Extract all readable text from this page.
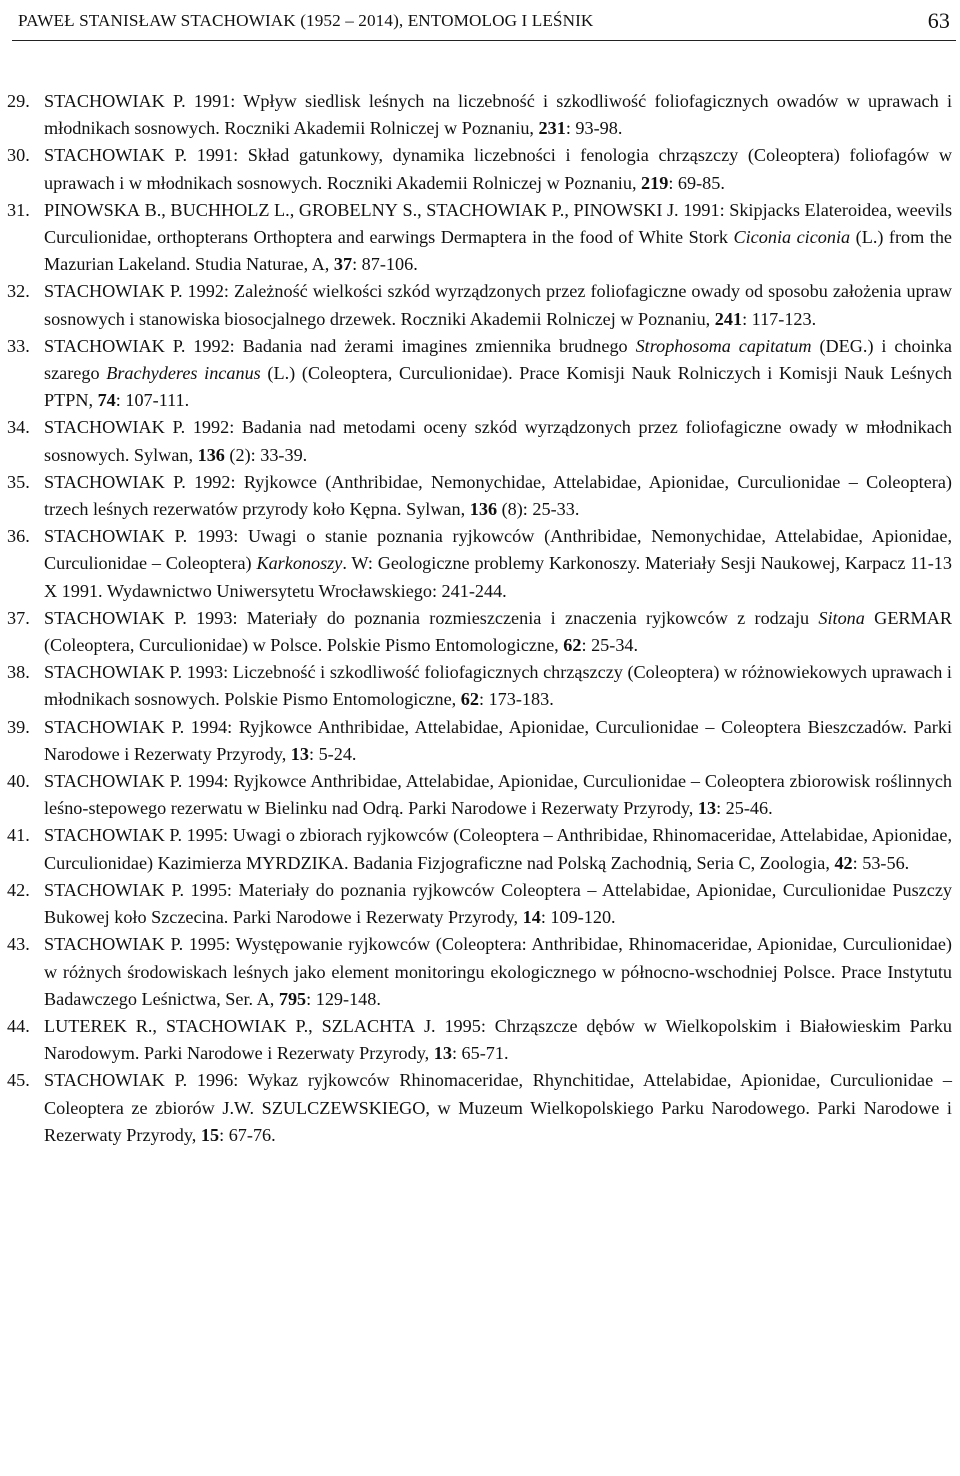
PAWEŁ STANISŁAW STACHOWIAK (1952 – 2014), ENTOMOLOG I LEŚNIK	63
29. STACHOWIAK P. 1991: Wpływ siedlisk leśnych na liczebność i szkodliwość foliofagicznych owadów w uprawach i młodnikach sosnowych. Roczniki Akademii Rolniczej w Poznaniu, 231: 93-98.
30. STACHOWIAK P. 1991: Skład gatunkowy, dynamika liczebności i fenologia chrząszczy (Coleoptera) foliofagów w uprawach i w młodnikach sosnowych. Roczniki Akademii Rolniczej w Poznaniu, 219: 69-85.
31. PINOWSKA B., BUCHHOLZ L., GROBELNY S., STACHOWIAK P., PINOWSKI J. 1991: Skipjacks Elateroidea, weevils Curculionidae, orthopterans Orthoptera and earwings Dermaptera in the food of White Stork Ciconia ciconia (L.) from the Mazurian Lakeland. Studia Naturae, A, 37: 87-106.
32. STACHOWIAK P. 1992: Zależność wielkości szkód wyrządzonych przez foliofagiczne owady od sposobu założenia upraw sosnowych i stanowiska biosocjalnego drzewek. Roczniki Akademii Rolniczej w Poznaniu, 241: 117-123.
33. STACHOWIAK P. 1992: Badania nad żerami imagines zmiennika brudnego Strophosoma capitatum (DEG.) i choinka szarego Brachyderes incanus (L.) (Coleoptera, Curculionidae). Prace Komisji Nauk Rolniczych i Komisji Nauk Leśnych PTPN, 74: 107-111.
34. STACHOWIAK P. 1992: Badania nad metodami oceny szkód wyrządzonych przez foliofagiczne owady w młodnikach sosnowych. Sylwan, 136 (2): 33-39.
35. STACHOWIAK P. 1992: Ryjkowce (Anthribidae, Nemonychidae, Attelabidae, Apionidae, Curculionidae – Coleoptera) trzech leśnych rezerwatów przyrody koło Kępna. Sylwan, 136 (8): 25-33.
36. STACHOWIAK P. 1993: Uwagi o stanie poznania ryjkowców (Anthribidae, Nemonychidae, Attelabidae, Apionidae, Curculionidae – Coleoptera) Karkonoszy. W: Geologiczne problemy Karkonoszy. Materiały Sesji Naukowej, Karpacz 11-13 X 1991. Wydawnictwo Uniwersytetu Wrocławskiego: 241-244.
37. STACHOWIAK P. 1993: Materiały do poznania rozmieszczenia i znaczenia ryjkowców z rodzaju Sitona GERMAR (Coleoptera, Curculionidae) w Polsce. Polskie Pismo Entomologiczne, 62: 25-34.
38. STACHOWIAK P. 1993: Liczebność i szkodliwość foliofagicznych chrząszczy (Coleoptera) w różnowiekowych uprawach i młodnikach sosnowych. Polskie Pismo Entomologiczne, 62: 173-183.
39. STACHOWIAK P. 1994: Ryjkowce Anthribidae, Attelabidae, Apionidae, Curculionidae – Coleoptera Bieszczadów. Parki Narodowe i Rezerwaty Przyrody, 13: 5-24.
40. STACHOWIAK P. 1994: Ryjkowce Anthribidae, Attelabidae, Apionidae, Curculionidae – Coleoptera zbiorowisk roślinnych leśno-stepowego rezerwatu w Bielinku nad Odrą. Parki Narodowe i Rezerwaty Przyrody, 13: 25-46.
41. STACHOWIAK P. 1995: Uwagi o zbiorach ryjkowców (Coleoptera – Anthribidae, Rhinomaceridae, Attelabidae, Apionidae, Curculionidae) Kazimierza MYRDZIKA. Badania Fizjograficzne nad Polską Zachodnią, Seria C, Zoologia, 42: 53-56.
42. STACHOWIAK P. 1995: Materiały do poznania ryjkowców Coleoptera – Attelabidae, Apionidae, Curculionidae Puszczy Bukowej koło Szczecina. Parki Narodowe i Rezerwaty Przyrody, 14: 109-120.
43. STACHOWIAK P. 1995: Występowanie ryjkowców (Coleoptera: Anthribidae, Rhinomaceridae, Apionidae, Curculionidae) w różnych środowiskach leśnych jako element monitoringu ekologicznego w północno-wschodniej Polsce. Prace Instytutu Badawczego Leśnictwa, Ser. A, 795: 129-148.
44. LUTEREK R., STACHOWIAK P., SZLACHTA J. 1995: Chrząszcze dębów w Wielkopolskim i Białowieskim Parku Narodowym. Parki Narodowe i Rezerwaty Przyrody, 13: 65-71.
45. STACHOWIAK P. 1996: Wykaz ryjkowców Rhinomaceridae, Rhynchitidae, Attelabidae, Apionidae, Curculionidae – Coleoptera ze zbiorów J.W. SZULCZEWSKIEGO, w Muzeum Wielkopolskiego Parku Narodowego. Parki Narodowe i Rezerwaty Przyrody, 15: 67-76.
